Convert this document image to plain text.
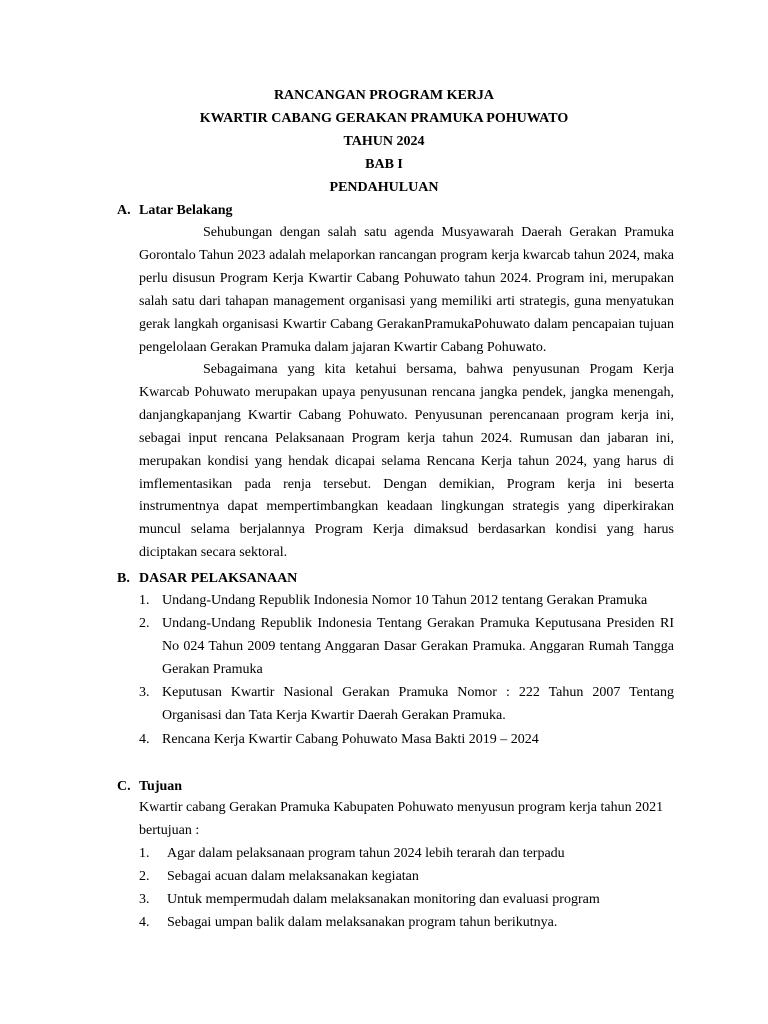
RANCANGAN PROGRAM KERJA
KWARTIR CABANG GERAKAN PRAMUKA POHUWATO
TAHUN 2024
BAB I
PENDAHULUAN
A. Latar Belakang
Sehubungan dengan salah satu agenda Musyawarah Daerah Gerakan Pramuka Gorontalo Tahun 2023 adalah melaporkan rancangan program kerja kwarcab tahun 2024, maka perlu disusun Program Kerja Kwartir Cabang Pohuwato tahun 2024. Program ini, merupakan salah satu dari tahapan management organisasi yang memiliki arti strategis, guna menyatukan gerak langkah organisasi Kwartir Cabang GerakanPramukaPohuwato dalam pencapaian tujuan pengelolaan Gerakan Pramuka dalam jajaran Kwartir Cabang Pohuwato.
Sebagaimana yang kita ketahui bersama, bahwa penyusunan Progam Kerja Kwarcab Pohuwato merupakan upaya penyusunan rencana jangka pendek, jangka menengah, danjangkapanjang Kwartir Cabang Pohuwato. Penyusunan perencanaan program kerja ini, sebagai input rencana Pelaksanaan Program kerja tahun 2024. Rumusan dan jabaran ini, merupakan kondisi yang hendak dicapai selama Rencana Kerja tahun 2024, yang harus di imflementasikan pada renja tersebut. Dengan demikian, Program kerja ini beserta instrumentnya dapat mempertimbangkan keadaan lingkungan strategis yang diperkirakan muncul selama berjalannya Program Kerja dimaksud berdasarkan kondisi yang harus diciptakan secara sektoral.
B. DASAR PELAKSANAAN
1. Undang-Undang Republik Indonesia Nomor 10 Tahun 2012 tentang Gerakan Pramuka
2. Undang-Undang Republik Indonesia Tentang Gerakan Pramuka Keputusana Presiden RI No 024 Tahun 2009 tentang Anggaran Dasar Gerakan Pramuka. Anggaran Rumah Tangga Gerakan Pramuka
3. Keputusan Kwartir Nasional Gerakan Pramuka Nomor : 222 Tahun 2007 Tentang Organisasi dan Tata Kerja Kwartir Daerah Gerakan Pramuka.
4. Rencana Kerja Kwartir Cabang Pohuwato Masa Bakti 2019 – 2024
C. Tujuan
Kwartir cabang Gerakan Pramuka Kabupaten Pohuwato menyusun program kerja tahun 2021 bertujuan :
1. Agar dalam pelaksanaan program tahun 2024 lebih terarah dan terpadu
2. Sebagai acuan dalam melaksanakan kegiatan
3. Untuk mempermudah dalam melaksanakan monitoring dan evaluasi program
4. Sebagai umpan balik dalam melaksanakan program tahun berikutnya.
